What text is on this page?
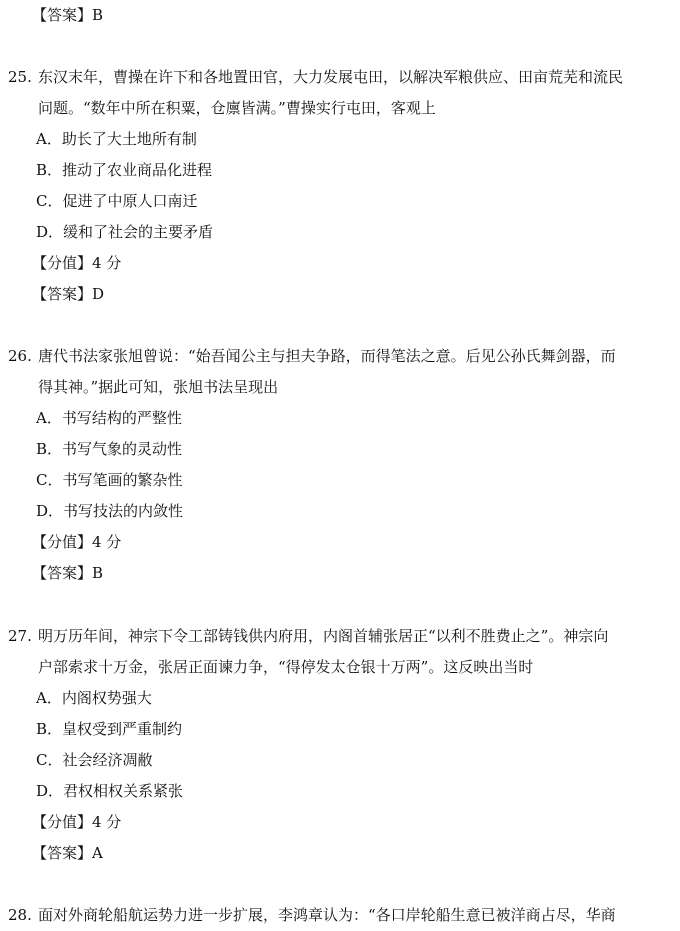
【答案】B
25. 东汉末年，曹操在许下和各地置田官，大力发展屯田，以解决军粮供应、田亩荒芜和流民
问题。“数年中所在积粟，仓廪皆满。”曹操实行屯田，客观上
A．助长了大土地所有制
B．推动了农业商品化进程
C．促进了中原人口南迁
D．缓和了社会的主要矛盾
【分值】4 分
【答案】D
26. 唐代书法家张旭曾说：“始吾闻公主与担夫争路，而得笔法之意。后见公孙氏舞剑器，而
得其神。”据此可知，张旭书法呈现出
A．书写结构的严整性
B．书写气象的灵动性
C．书写笔画的繁杂性
D．书写技法的内敛性
【分值】4 分
【答案】B
27. 明万历年间，神宗下令工部铸钱供内府用，内阁首辅张居正“以利不胜费止之”。神宗向
户部索求十万金，张居正面谏力争，“得停发太仓银十万两”。这反映出当时
A．内阁权势强大
B．皇权受到严重制约
C．社会经济凋敝
D．君权相权关系紧张
【分值】4 分
【答案】A
28. 面对外商轮船航运势力进一步扩展，李鸿章认为：“各口岸轮船生意已被洋商占尽，华商
